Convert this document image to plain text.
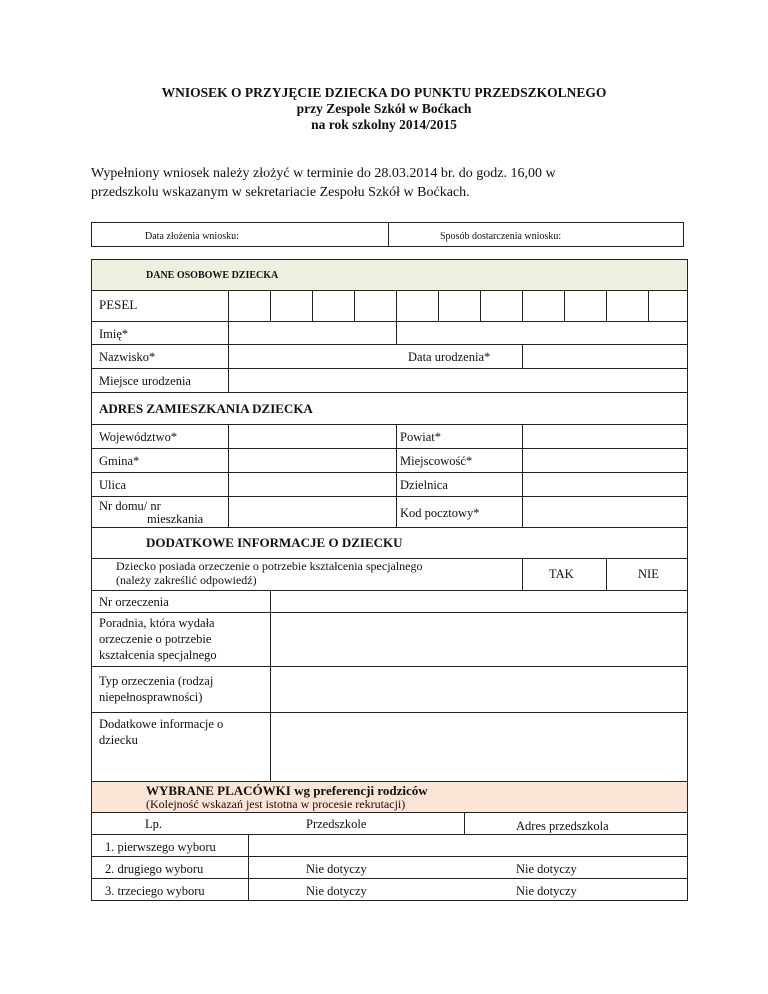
WNIOSEK O PRZYJĘCIE DZIECKA DO PUNKTU PRZEDSZKOLNEGO
przy Zespole Szkół w Boćkach
na rok szkolny 2014/2015
Wypełniony wniosek należy złożyć w terminie do 28.03.2014 br. do godz. 16,00 w
przedszkolu wskazanym w sekretariacie Zespołu Szkół w Boćkach.
Data złożenia wniosku:	Sposób dostarczenia wniosku:
DANE OSOBOWE DZIECKA
PESEL
Imię*
Nazwisko*	Data urodzenia*
Miejsce urodzenia
ADRES ZAMIESZKANIA DZIECKA
Województwo*	Powiat*
Gmina*	Miejscowość*
Ulica	Dzielnica
Nr domu/ nr
mieszkania	Kod pocztowy*
DODATKOWE INFORMACJE O DZIECKU
Dziecko posiada orzeczenie o potrzebie kształcenia specjalnego
(należy zakreślić odpowiedź)	TAK	NIE
Nr orzeczenia
Poradnia, która wydała
orzeczenie o potrzebie
kształcenia specjalnego
Typ orzeczenia (rodzaj
niepełnosprawności)
Dodatkowe informacje o
dziecku
WYBRANE PLACÓWKI wg preferencji rodziców
(Kolejność wskazań jest istotna w procesie rekrutacji)
Lp.	Przedszkole	Adres przedszkola
1. pierwszego wyboru
2. drugiego wyboru	Nie dotyczy	Nie dotyczy
3. trzeciego wyboru	Nie dotyczy	Nie dotyczy
